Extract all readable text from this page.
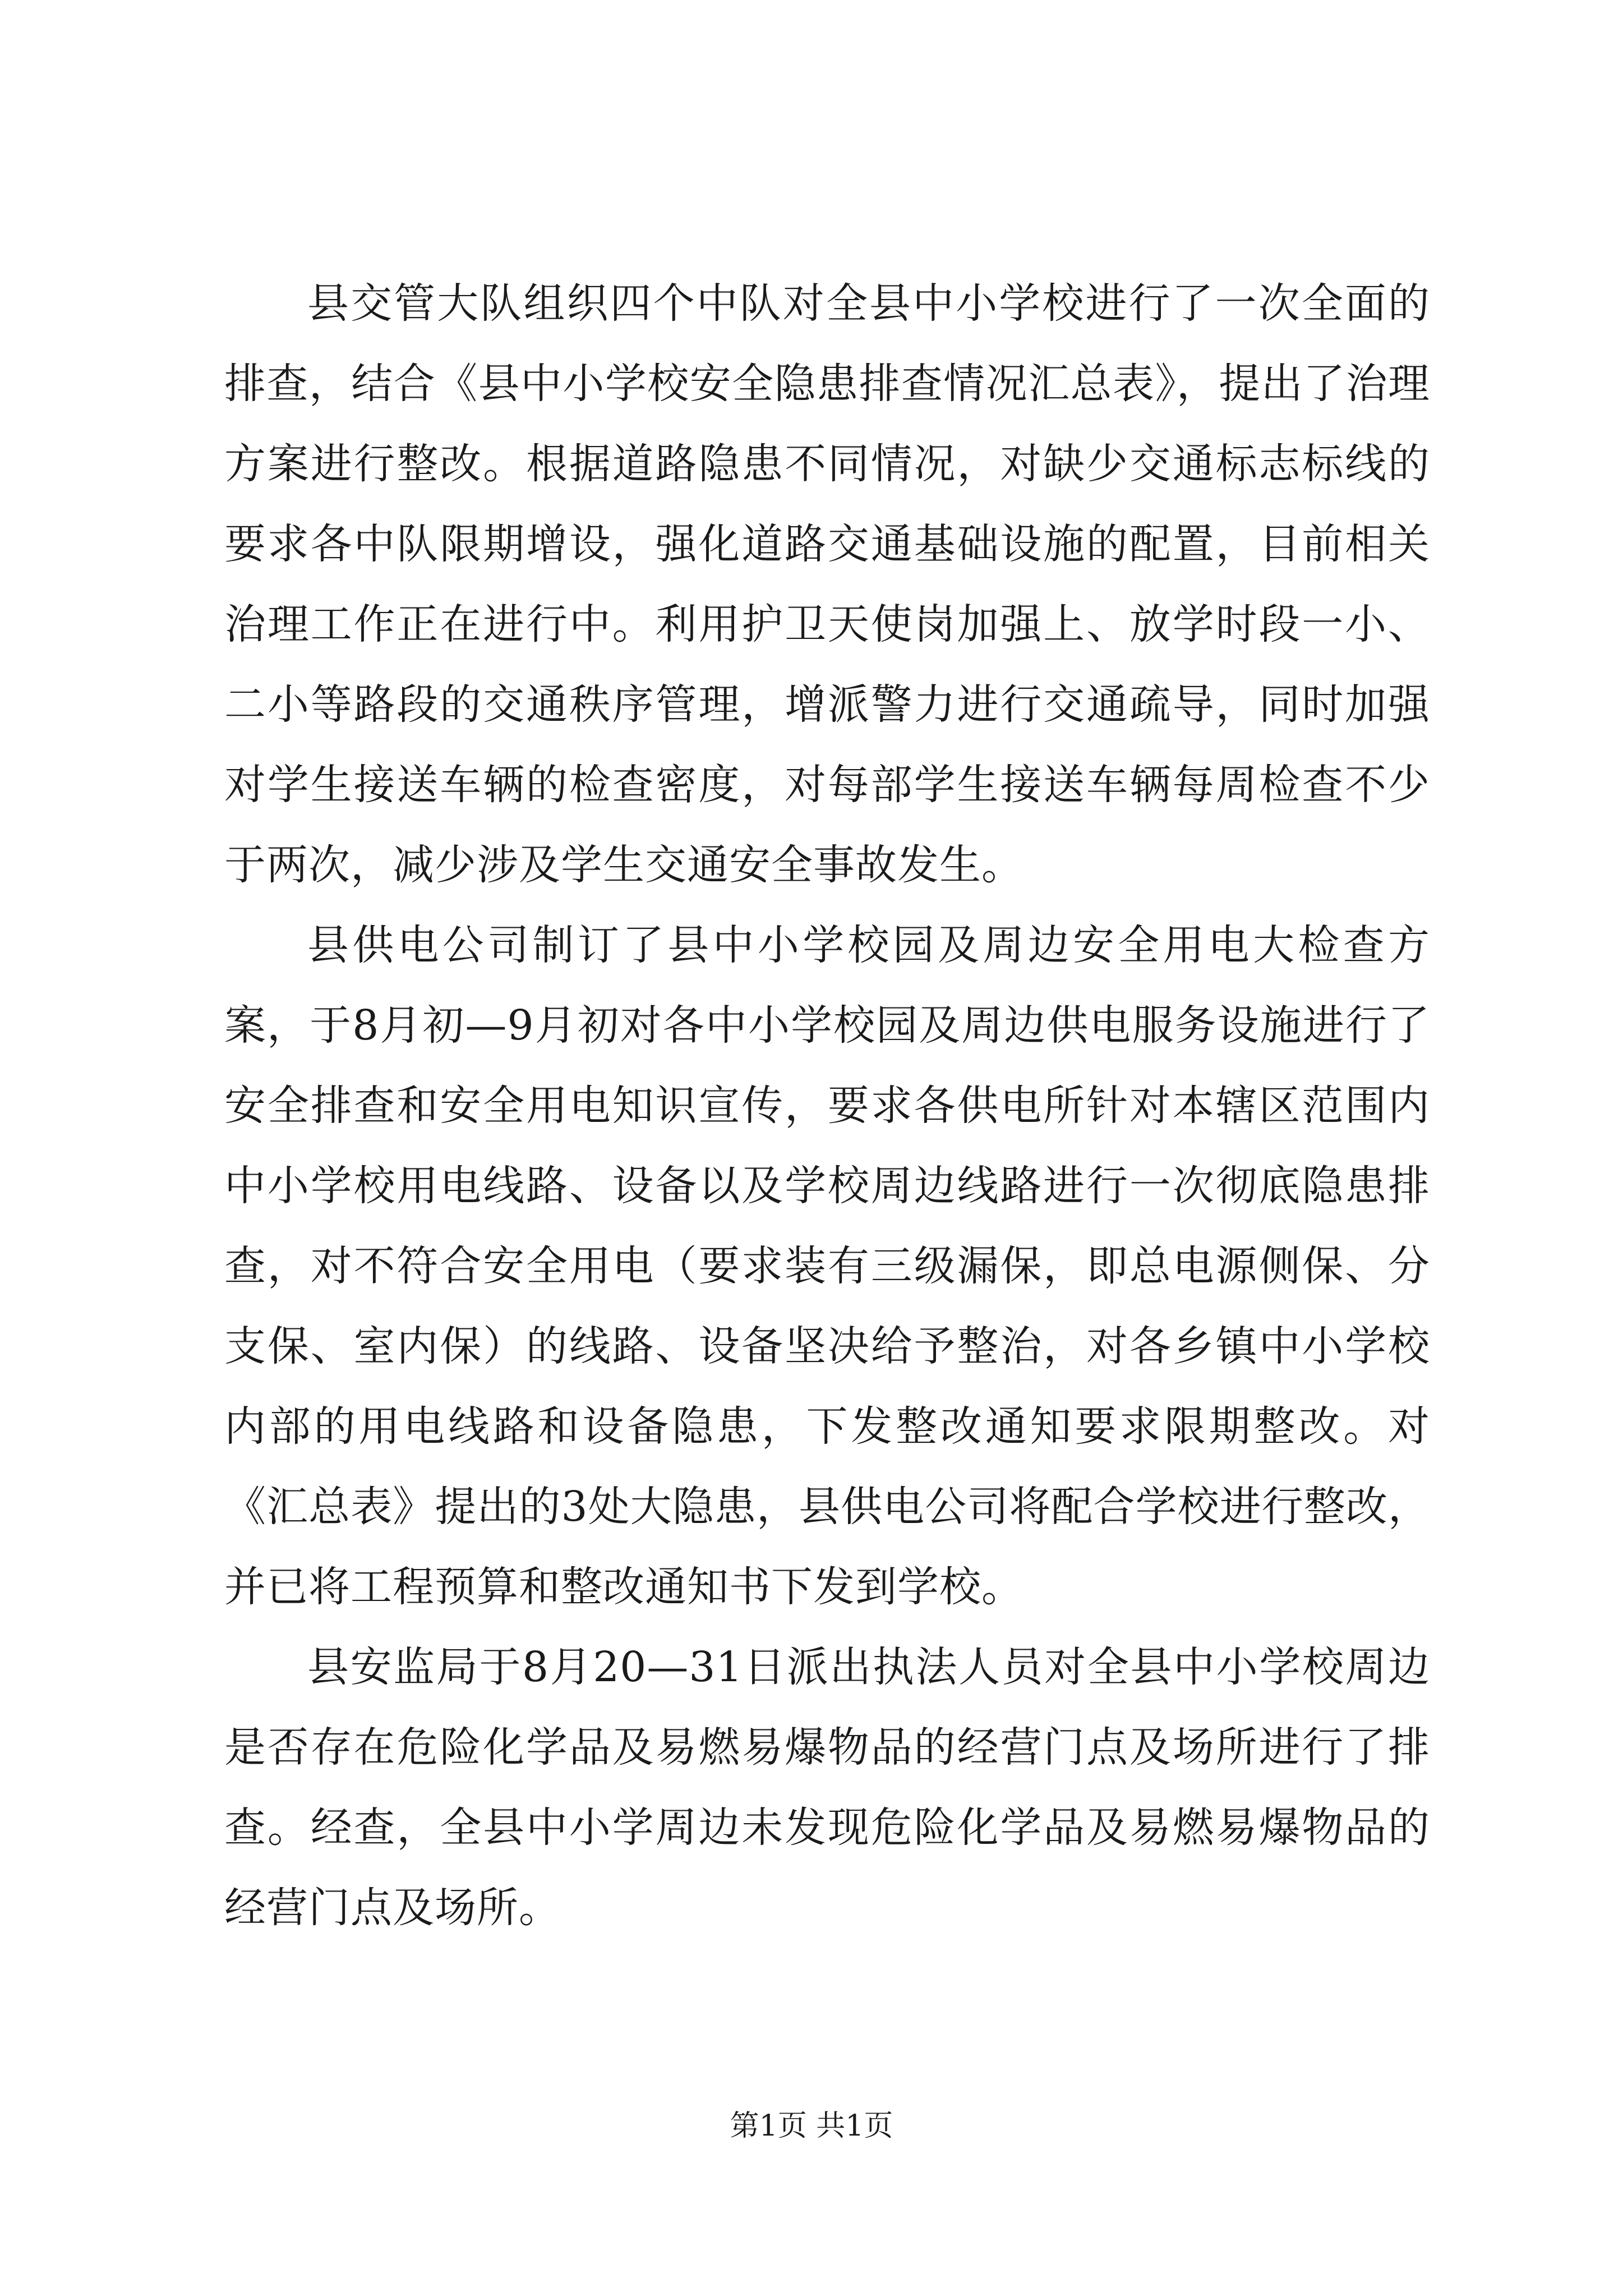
县交管大队组织四个中队对全县中小学校进行了一次全面的排查，结合《县中小学校安全隐患排查情况汇总表》，提出了治理方案进行整改。根据道路隐患不同情况，对缺少交通标志标线的要求各中队限期增设，强化道路交通基础设施的配置，目前相关治理工作正在进行中。利用护卫天使岗加强上、放学时段一小、二小等路段的交通秩序管理，增派警力进行交通疏导，同时加强对学生接送车辆的检查密度，对每部学生接送车辆每周检查不少于两次，减少涉及学生交通安全事故发生。

县供电公司制订了县中小学校园及周边安全用电大检查方案，于8月初—9月初对各中小学校园及周边供电服务设施进行了安全排查和安全用电知识宣传，要求各供电所针对本辖区范围内中小学校用电线路、设备以及学校周边线路进行一次彻底隐患排查，对不符合安全用电（要求装有三级漏保，即总电源侧保、分支保、室内保）的线路、设备坚决给予整治，对各乡镇中小学校内部的用电线路和设备隐患，下发整改通知要求限期整改。对《汇总表》提出的3处大隐患，县供电公司将配合学校进行整改，并已将工程预算和整改通知书下发到学校。

县安监局于8月20—31日派出执法人员对全县中小学校周边是否存在危险化学品及易燃易爆物品的经营门点及场所进行了排查。经查，全县中小学周边未发现危险化学品及易燃易爆物品的经营门点及场所。

第1页 共1页
